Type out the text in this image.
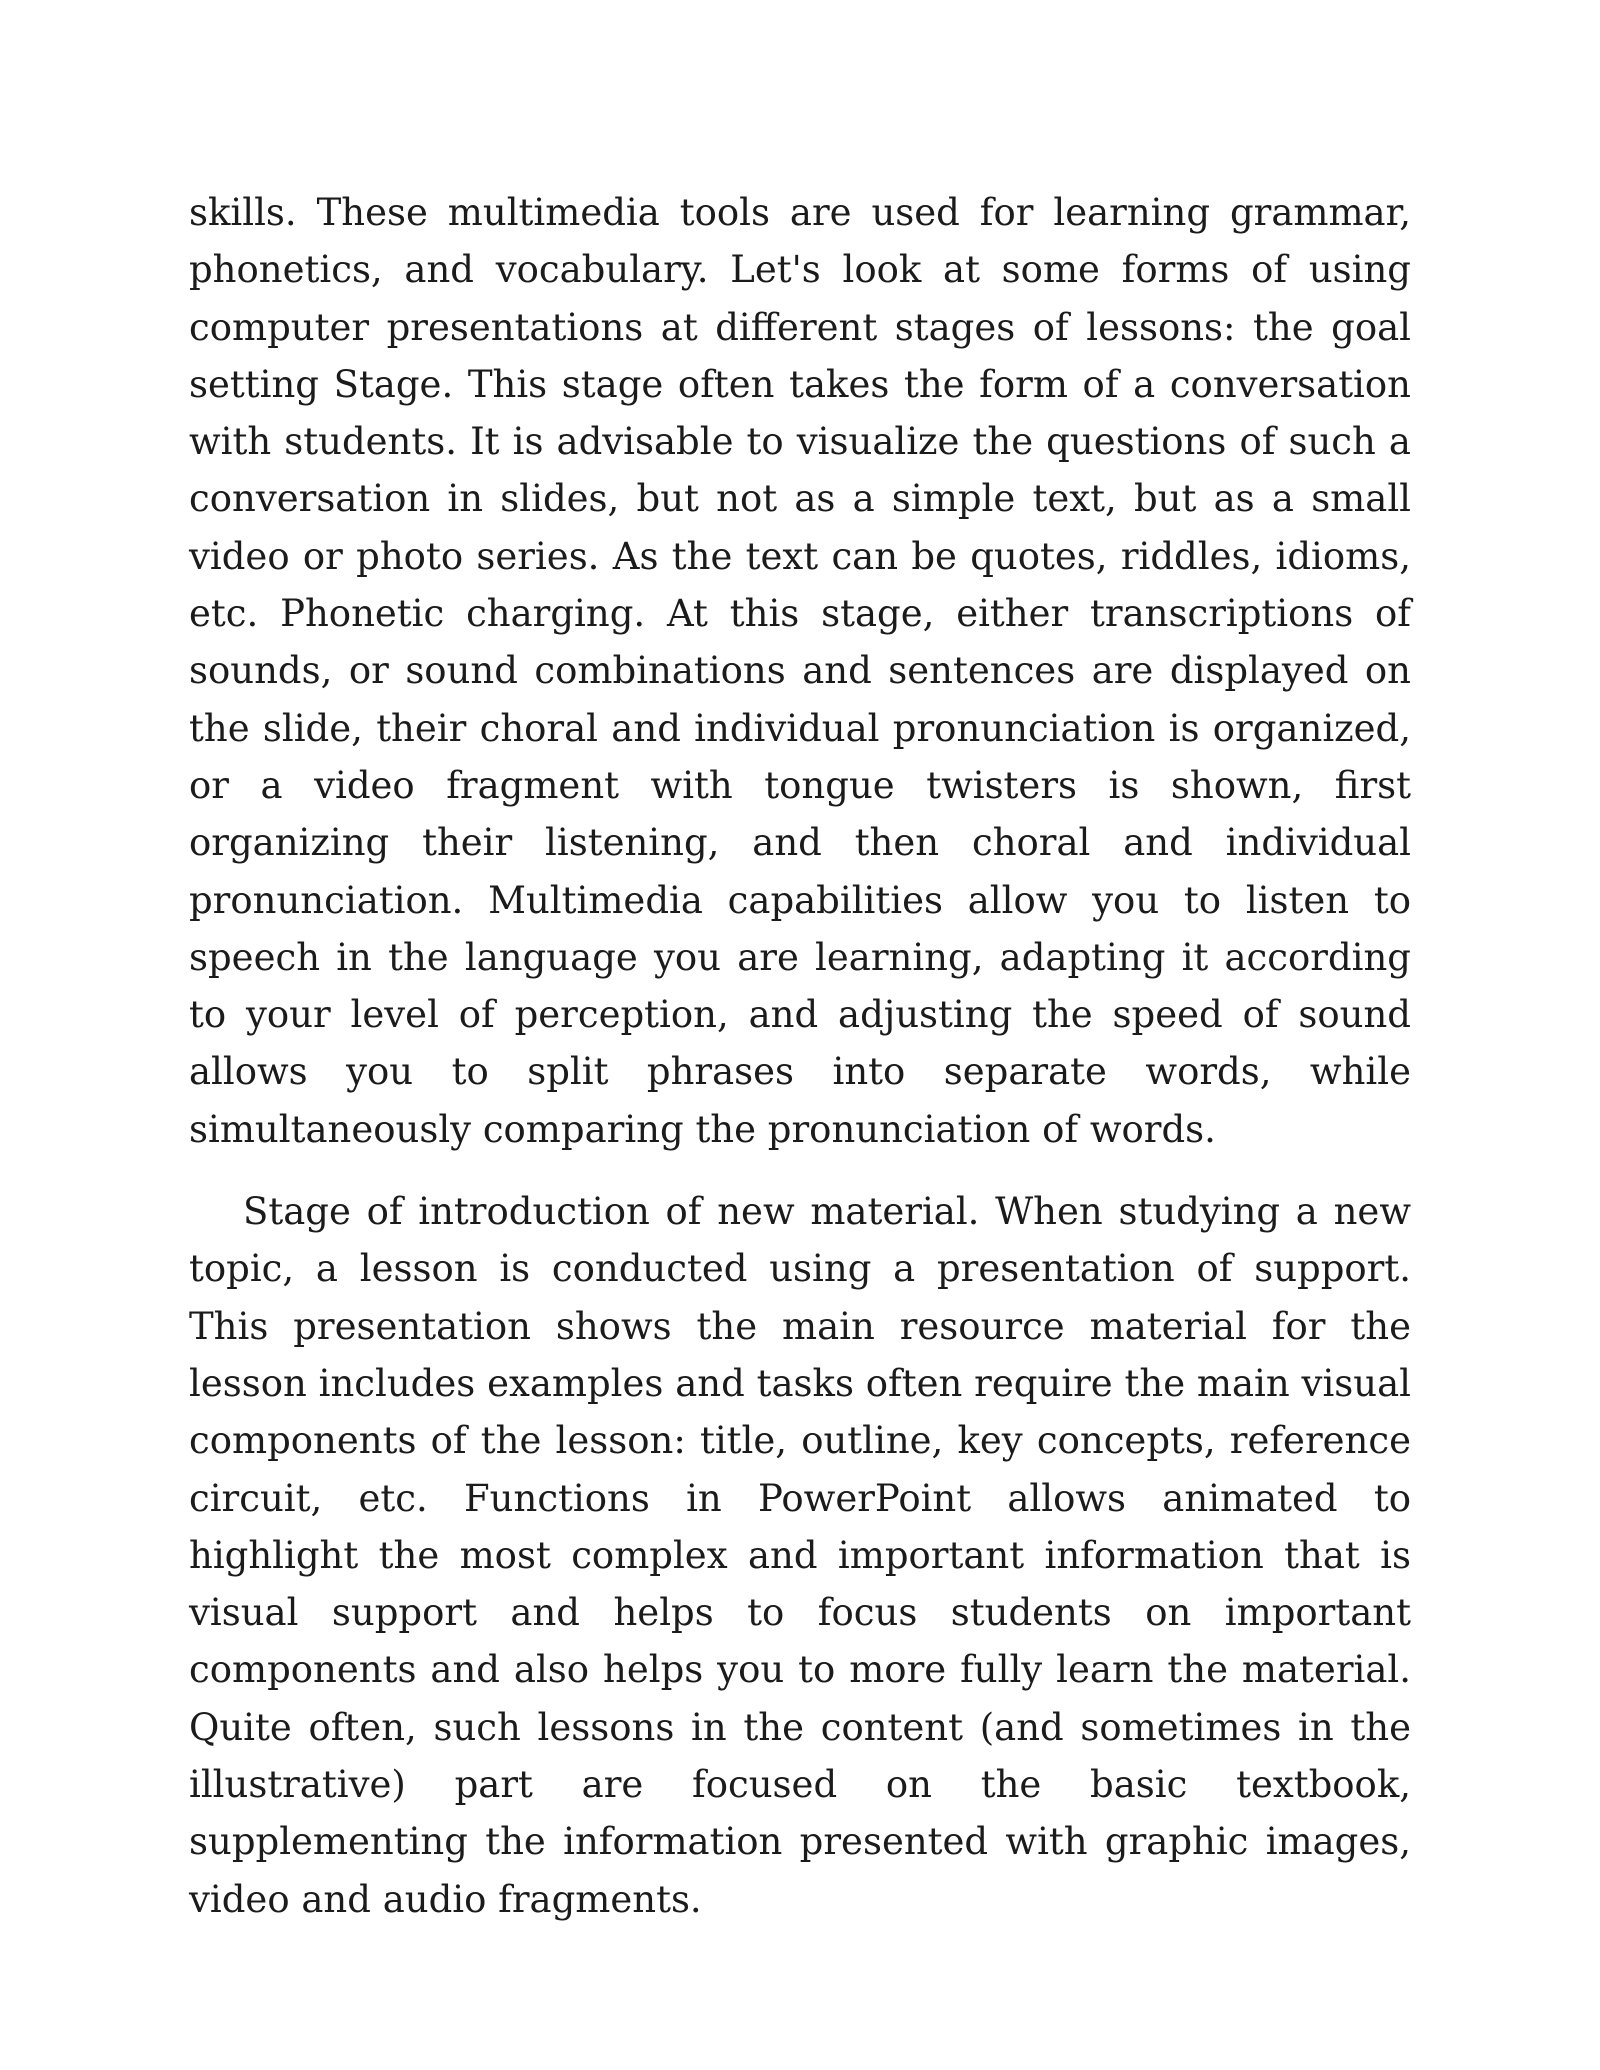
skills. These multimedia tools are used for learning grammar, phonetics, and vocabulary. Let's look at some forms of using computer presentations at different stages of lessons: the goal setting Stage. This stage often takes the form of a conversation with students. It is advisable to visualize the questions of such a conversation in slides, but not as a simple text, but as a small video or photo series. As the text can be quotes, riddles, idioms, etc. Phonetic charging. At this stage, either transcriptions of sounds, or sound combinations and sentences are displayed on the slide, their choral and individual pronunciation is organized, or a video fragment with tongue twisters is shown, first organizing their listening, and then choral and individual pronunciation. Multimedia capabilities allow you to listen to speech in the language you are learning, adapting it according to your level of perception, and adjusting the speed of sound allows you to split phrases into separate words, while simultaneously comparing the pronunciation of words.

Stage of introduction of new material. When studying a new topic, a lesson is conducted using a presentation of support. This presentation shows the main resource material for the lesson includes examples and tasks often require the main visual components of the lesson: title, outline, key concepts, reference circuit, etc. Functions in PowerPoint allows animated to highlight the most complex and important information that is visual support and helps to focus students on important components and also helps you to more fully learn the material. Quite often, such lessons in the content (and sometimes in the illustrative) part are focused on the basic textbook, supplementing the information presented with graphic images, video and audio fragments.
